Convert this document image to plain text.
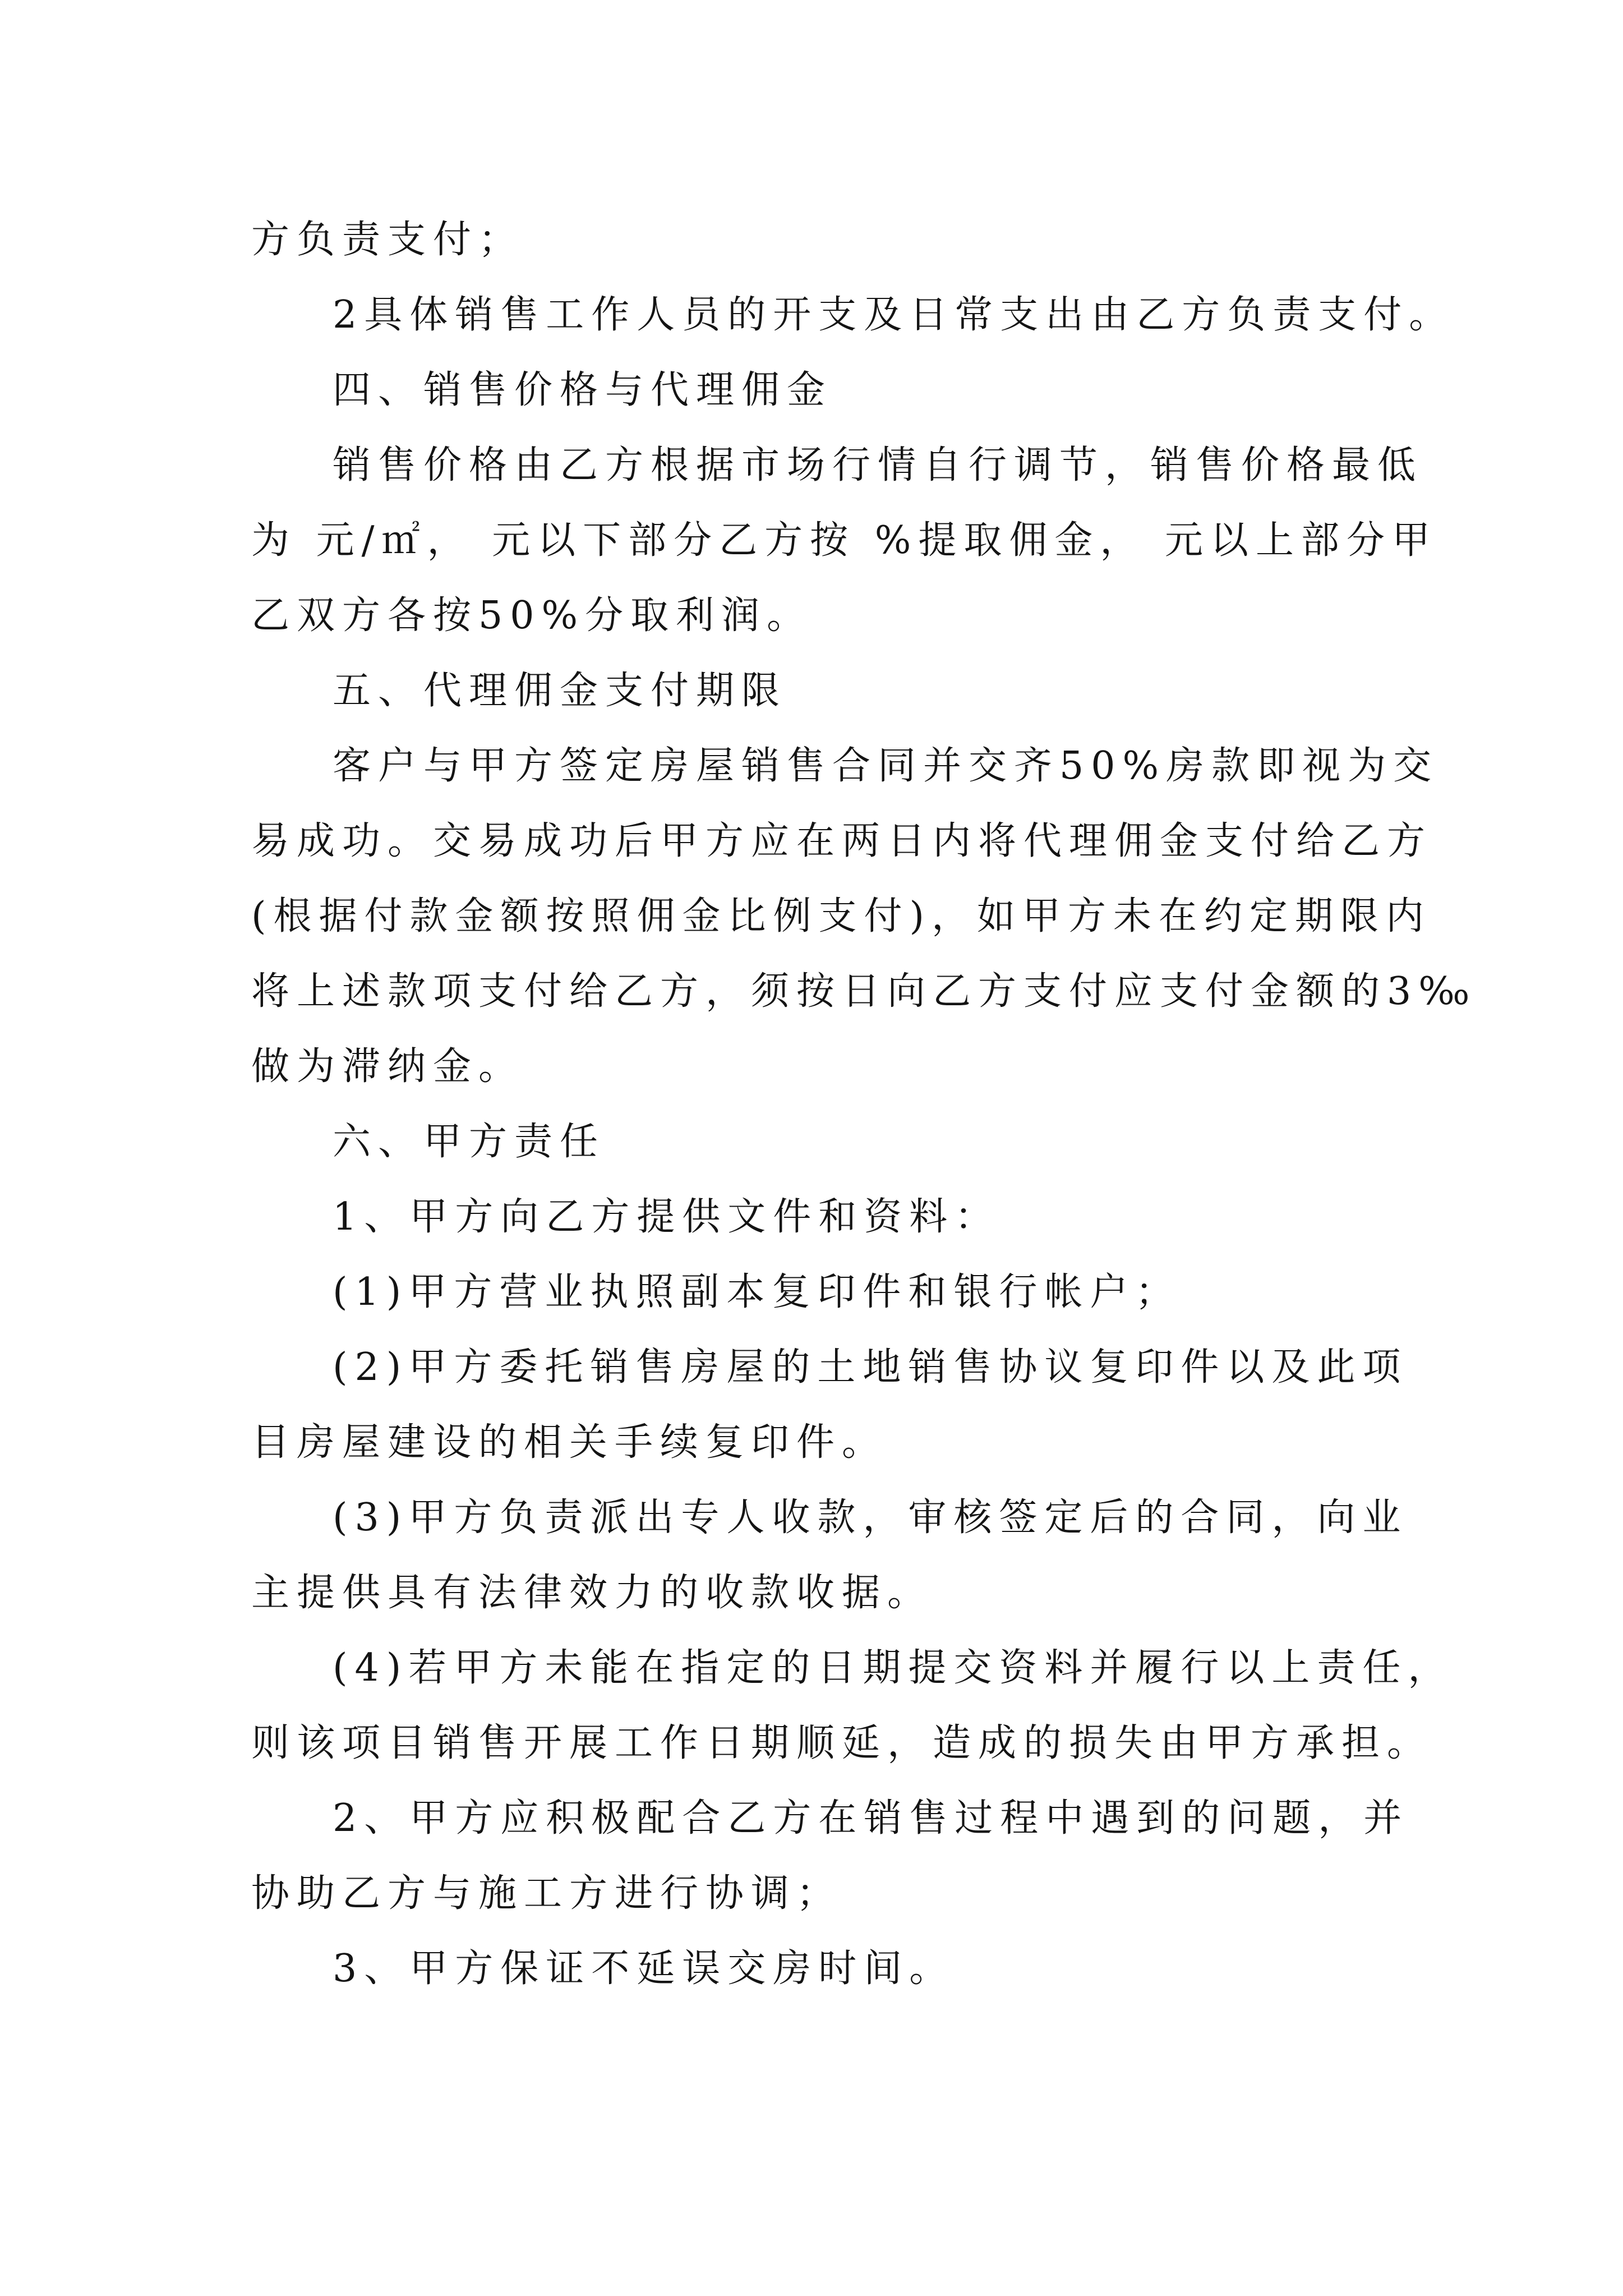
方负责支付；
2具体销售工作人员的开支及日常支出由乙方负责支付。
四、销售价格与代理佣金
销售价格由乙方根据市场行情自行调节，销售价格最低
为 元/㎡， 元以下部分乙方按 %提取佣金， 元以上部分甲
乙双方各按50%分取利润。
五、代理佣金支付期限
客户与甲方签定房屋销售合同并交齐50%房款即视为交
易成功。交易成功后甲方应在两日内将代理佣金支付给乙方
(根据付款金额按照佣金比例支付)，如甲方未在约定期限内
将上述款项支付给乙方，须按日向乙方支付应支付金额的3‰
做为滞纳金。
六、甲方责任
1、甲方向乙方提供文件和资料：
(1)甲方营业执照副本复印件和银行帐户；
(2)甲方委托销售房屋的土地销售协议复印件以及此项
目房屋建设的相关手续复印件。
(3)甲方负责派出专人收款，审核签定后的合同，向业
主提供具有法律效力的收款收据。
(4)若甲方未能在指定的日期提交资料并履行以上责任，
则该项目销售开展工作日期顺延，造成的损失由甲方承担。
2、甲方应积极配合乙方在销售过程中遇到的问题，并
协助乙方与施工方进行协调；
3、甲方保证不延误交房时间。
